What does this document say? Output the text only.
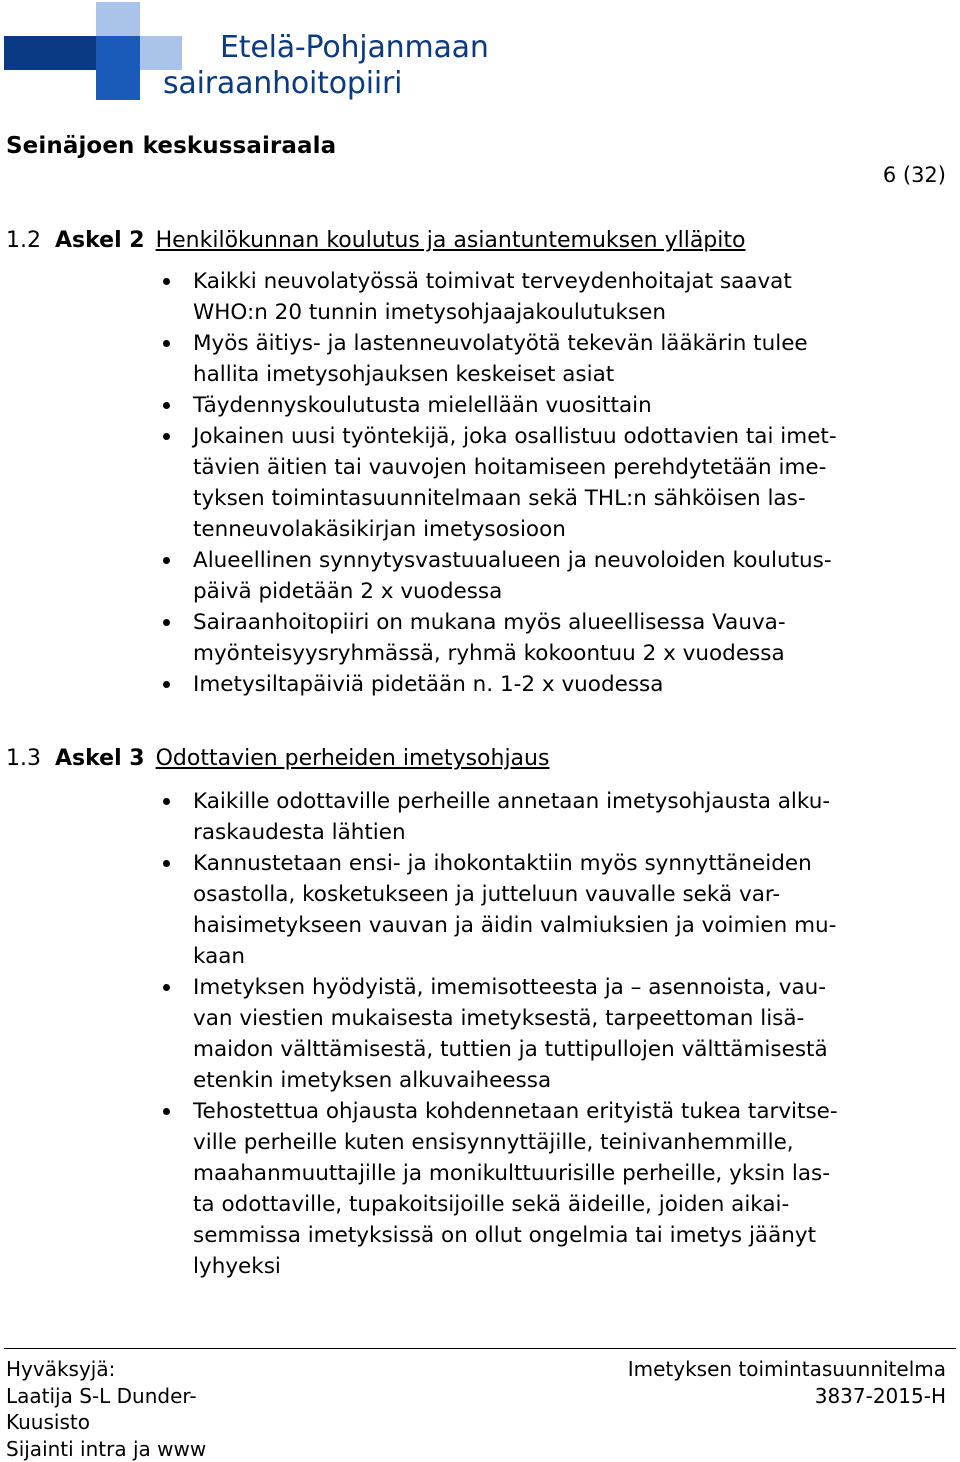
Etelä-Pohjanmaan
sairaanhoitopiiri
Seinäjoen keskussairaala
6 (32)
1.2 Askel 2 Henkilökunnan koulutus ja asiantuntemuksen ylläpito
Kaikki neuvolatyössä toimivat terveydenhoitajat saavat
WHO:n 20 tunnin imetysohjaajakoulutuksen
Myös äitiys- ja lastenneuvolatyötä tekevän lääkärin tulee
hallita imetysohjauksen keskeiset asiat
Täydennyskoulutusta mielellään vuosittain
Jokainen uusi työntekijä, joka osallistuu odottavien tai imet-
tävien äitien tai vauvojen hoitamiseen perehdytetään ime-
tyksen toimintasuunnitelmaan sekä THL:n sähköisen las-
tenneuvolakäsikirjan imetysosioon
Alueellinen synnytysvastuualueen ja neuvoloiden koulutus-
päivä pidetään 2 x vuodessa
Sairaanhoitopiiri on mukana myös alueellisessa Vauva-
myönteisyysryhmässä, ryhmä kokoontuu 2 x vuodessa
Imetysiltapäiviä pidetään n. 1-2 x vuodessa
1.3 Askel 3 Odottavien perheiden imetysohjaus
Kaikille odottaville perheille annetaan imetysohjausta alku-
raskaudesta lähtien
Kannustetaan ensi- ja ihokontaktiin myös synnyttäneiden
osastolla, kosketukseen ja jutteluun vauvalle sekä var-
haisimetykseen vauvan ja äidin valmiuksien ja voimien mu-
kaan
Imetyksen hyödyistä, imemisotteesta ja – asennoista, vau-
van viestien mukaisesta imetyksestä, tarpeettoman lisä-
maidon välttämisestä, tuttien ja tuttipullojen välttämisestä
etenkin imetyksen alkuvaiheessa
Tehostettua ohjausta kohdennetaan erityistä tukea tarvitse-
ville perheille kuten ensisynnyttäjille, teinivanhemmille,
maahanmuuttajille ja monikulttuurisille perheille, yksin las-
ta odottaville, tupakoitsijoille sekä äideille, joiden aikai-
semmissa imetyksissä on ollut ongelmia tai imetys jäänyt
lyhyeksi
Hyväksyjä:
Laatija S-L Dunder-
Kuusisto
Sijainti intra ja www
Imetyksen toimintasuunnitelma
3837-2015-H
